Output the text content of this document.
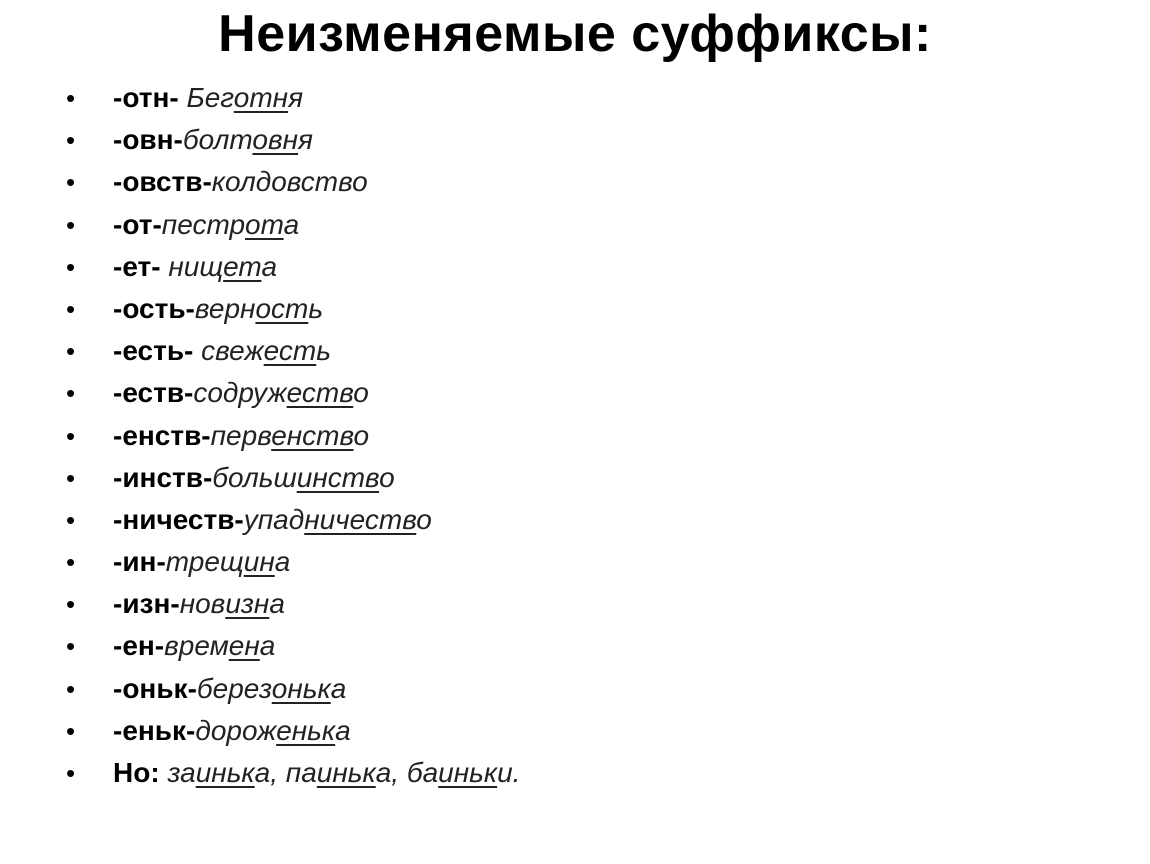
Неизменяемые суффиксы:
•	-отн- Беготня
•	-овн-болтовня
•	-овств-колдовство
•	-от-пестрота
•	-ет- нищета
•	-ость-верность
•	-есть- свежесть
•	-еств-содружество
•	-енств-первенство
•	-инств-большинство
•	-ничеств-упадничество
•	-ин-трещина
•	-изн-новизна
•	-ен-времена
•	-оньк-березонька
•	-еньк-дороженька
•	Но: заинька, паинька, баиньки.
